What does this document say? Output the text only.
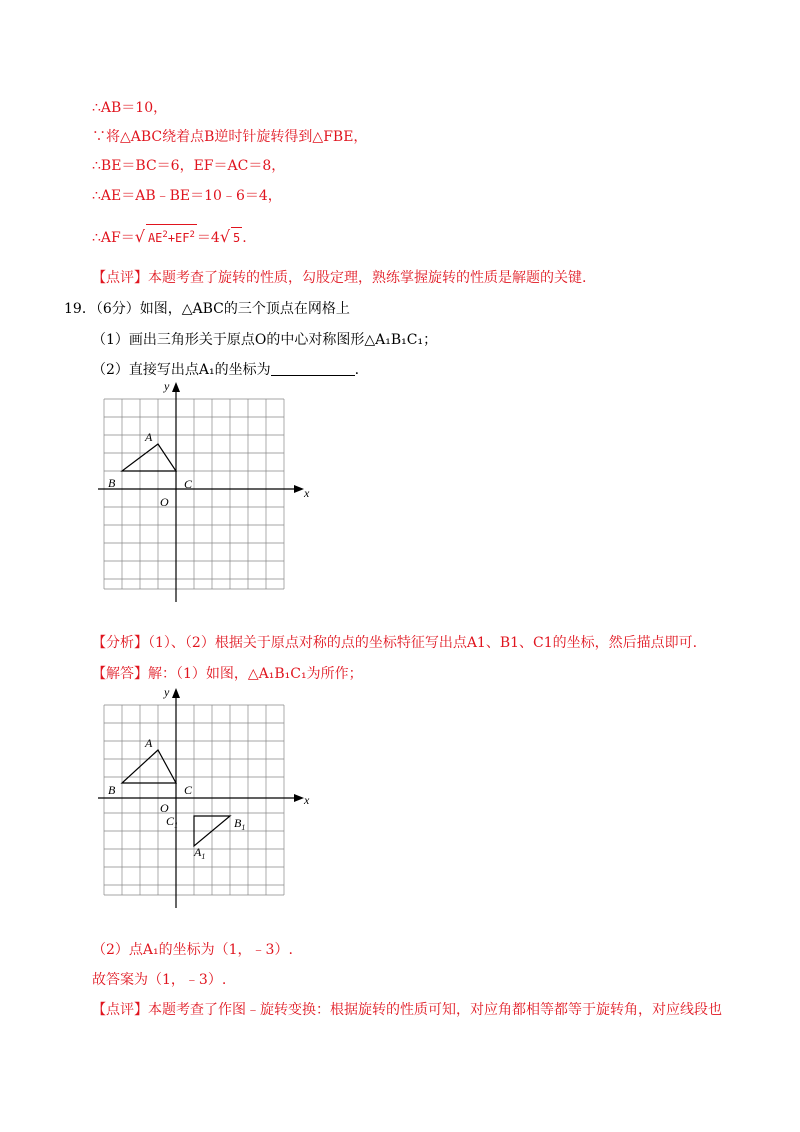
∴AB＝10，
∵将△ABC绕着点B逆时针旋转得到△FBE，
∴BE＝BC＝6，EF＝AC＝8，
∴AE＝AB﹣BE＝10﹣6＝4，
∴AF＝√ $AE^2+EF^2 =4√$ 5 .
【点评】本题考查了旋转的性质，勾股定理，熟练掌握旋转的性质是解题的关键.
19．（6分）如图，△ABC的三个顶点在网格上
（1）画出三角形关于原点O的中心对称图形△A₁B₁C₁；
（2）直接写出点A₁的坐标为	.
y
x
A
B	C
O
【分析】（1）、（2）根据关于原点对称的点的坐标特征写出点A1、B1、C1的坐标，然后描点即可.
【解答】解：（1）如图，△A₁B₁C₁为所作；
y
x
A
B	C
O
$C_1$	$B_1$
$A_1$
（2）点A₁的坐标为（1，﹣3）.
故答案为（1，﹣3）.
【点评】本题考查了作图﹣旋转变换：根据旋转的性质可知，对应角都相等都等于旋转角，对应线段也
